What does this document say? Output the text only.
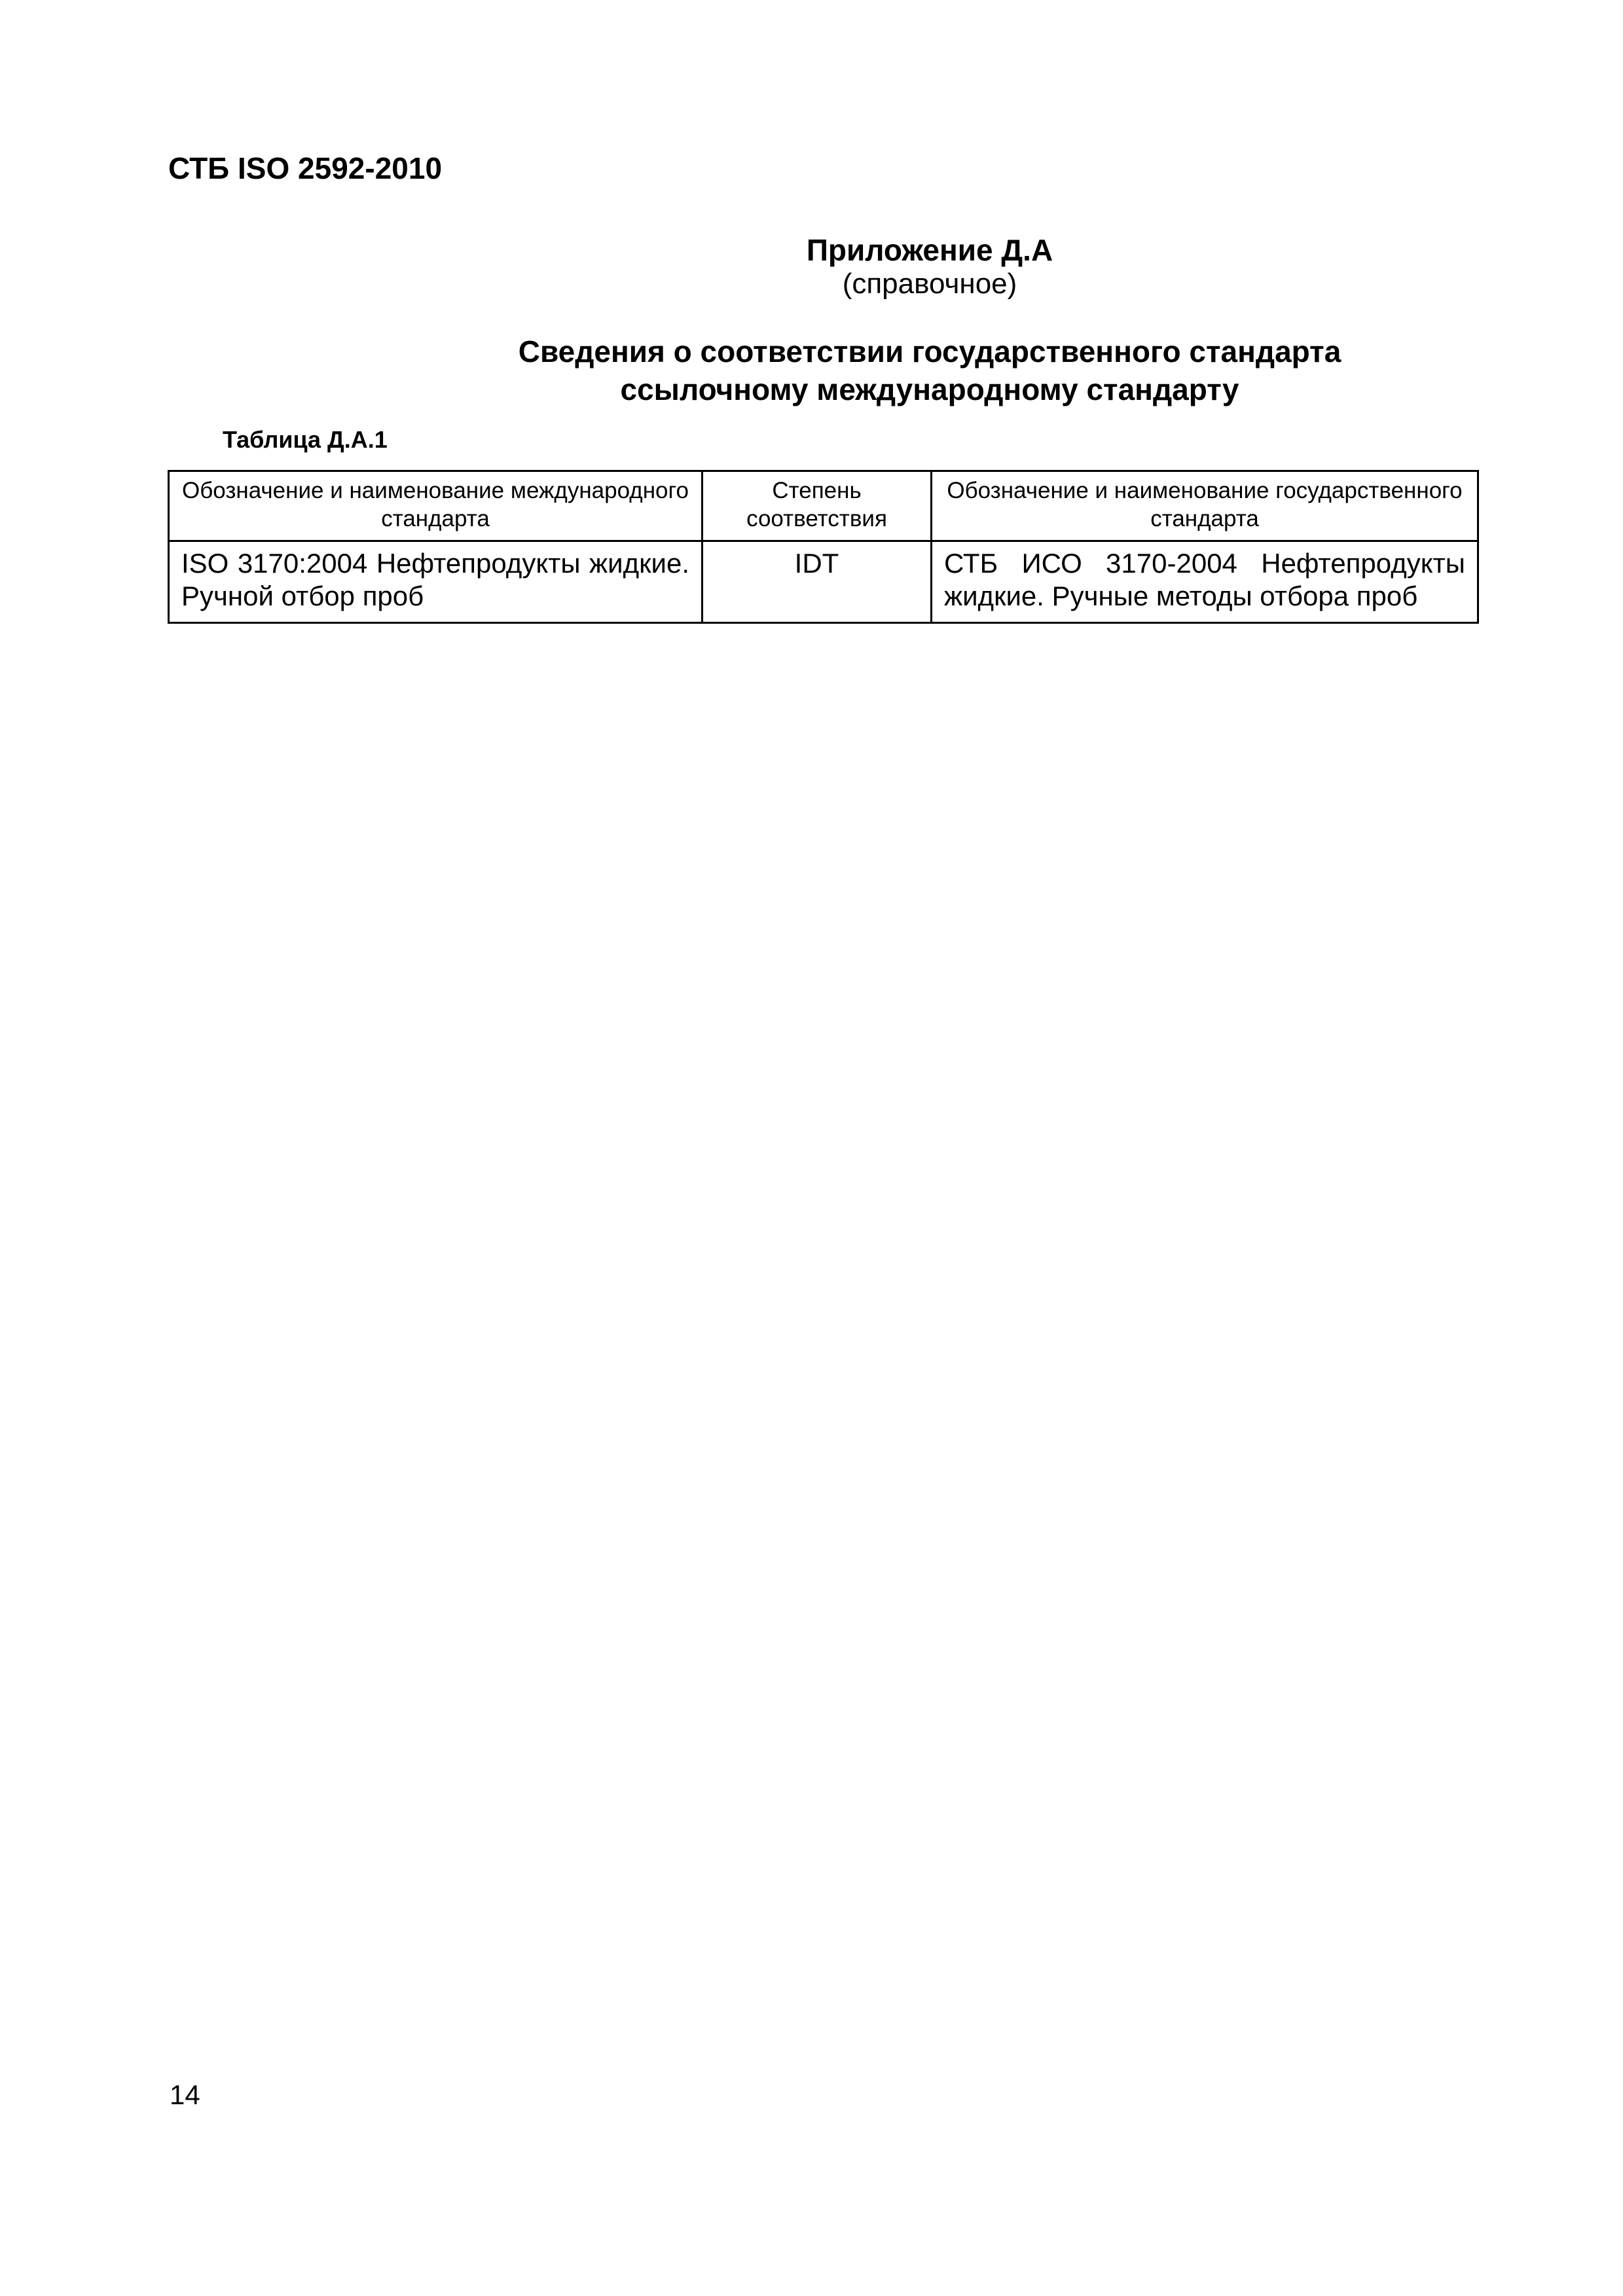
СТБ ISO 2592-2010
Приложение Д.А
(справочное)
Сведения о соответствии государственного стандарта
ссылочному международному стандарту
Таблица Д.А.1
Обозначение и наименование международного стандарта	Степень соответствия	Обозначение и наименование государственного стандарта
ISO 3170:2004 Нефтепродукты жидкие. Ручной отбор проб	IDT	СТБ ИСО 3170-2004 Нефтепродукты жидкие. Ручные методы отбора проб
14
